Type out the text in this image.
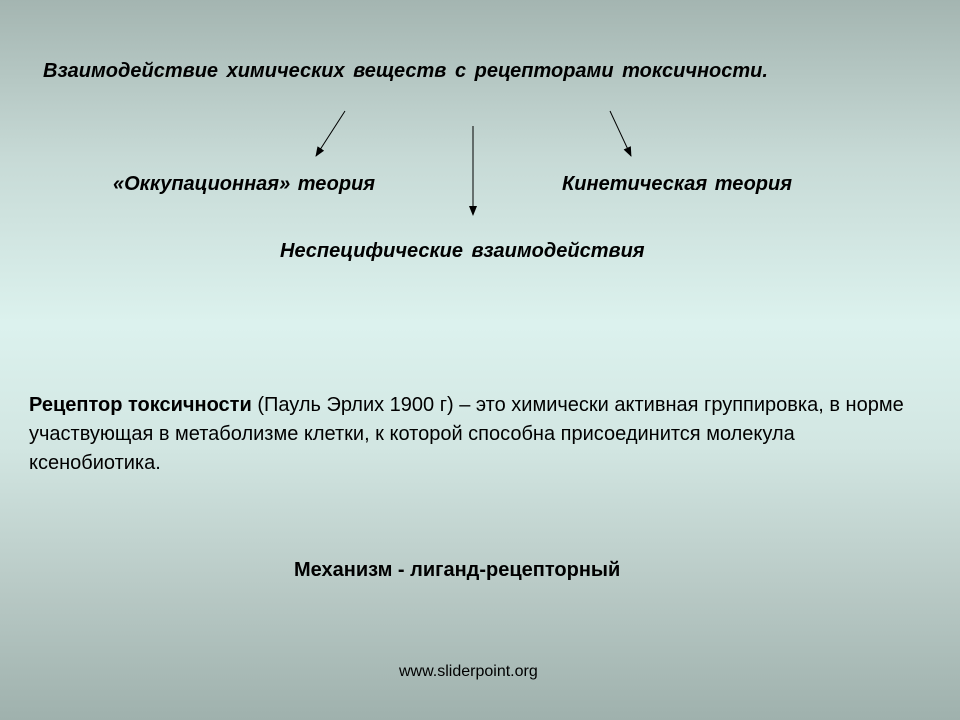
Взаимодействие химических веществ с рецепторами токсичности.
«Оккупационная» теория	Кинетическая теория
Неспецифические взаимодействия

Рецептор токсичности (Пауль Эрлих 1900 г) – это химически активная группировка, в норме участвующая в метаболизме клетки, к которой способна присоединится молекула ксенобиотика.

Механизм - лиганд-рецепторный
www.sliderpoint.org
